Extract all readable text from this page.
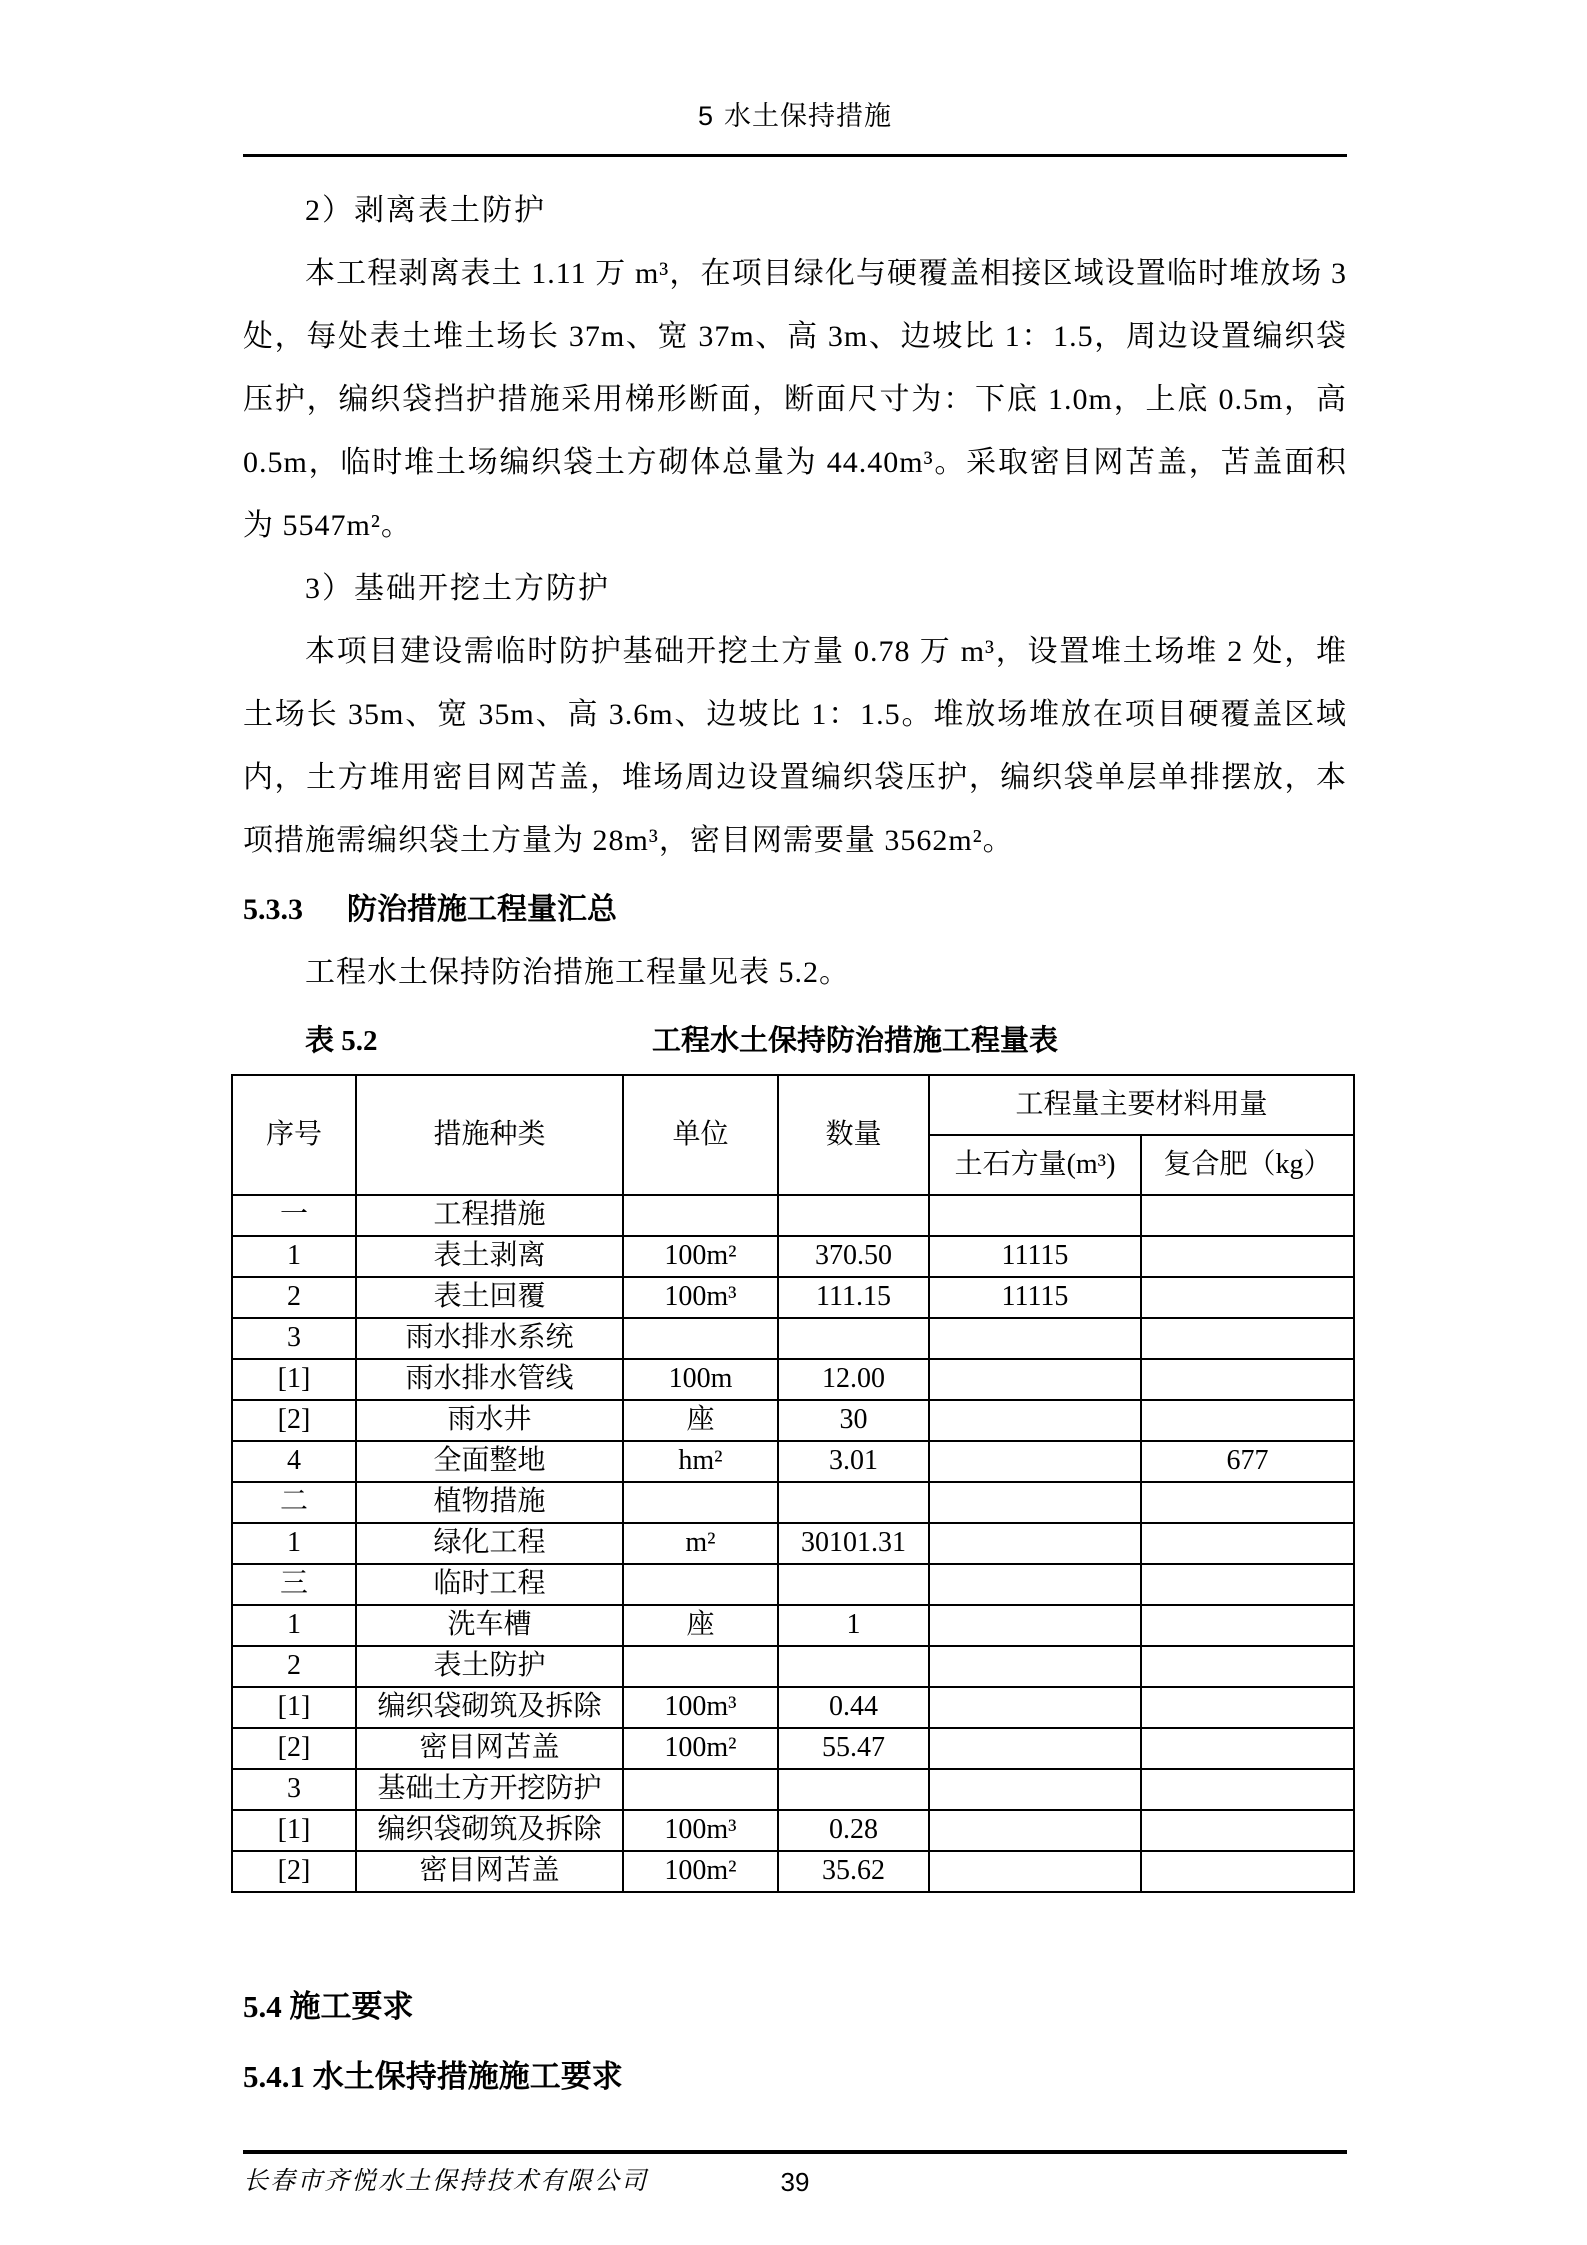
5 水土保持措施

2）剥离表土防护

本工程剥离表土 1.11 万 m³，在项目绿化与硬覆盖相接区域设置临时堆放场 3 处，每处表土堆土场长 37m、宽 37m、高 3m、边坡比 1：1.5，周边设置编织袋压护，编织袋挡护措施采用梯形断面，断面尺寸为：下底 1.0m，上底 0.5m，高 0.5m，临时堆土场编织袋土方砌体总量为 44.40m³。采取密目网苫盖，苫盖面积为 5547m²。

3）基础开挖土方防护

本项目建设需临时防护基础开挖土方量 0.78 万 m³，设置堆土场堆 2 处，堆土场长 35m、宽 35m、高 3.6m、边坡比 1：1.5。堆放场堆放在项目硬覆盖区域内，土方堆用密目网苫盖，堆场周边设置编织袋压护，编织袋单层单排摆放，本项措施需编织袋土方量为 28m³，密目网需要量 3562m²。

5.3.3 防治措施工程量汇总

工程水土保持防治措施工程量见表 5.2。

表 5.2	工程水土保持防治措施工程量表
序号	措施种类	单位	数量	工程量主要材料用量	
				土石方量(m³)	复合肥（kg）
一	工程措施				
1	表土剥离	100m²	370.50	11115	
2	表土回覆	100m³	111.15	11115	
3	雨水排水系统				
[1]	雨水排水管线	100m	12.00		
[2]	雨水井	座	30		
4	全面整地	hm²	3.01		677
二	植物措施				
1	绿化工程	m²	30101.31		
三	临时工程				
1	洗车槽	座	1		
2	表土防护				
[1]	编织袋砌筑及拆除	100m³	0.44		
[2]	密目网苫盖	100m²	55.47		
3	基础土方开挖防护				
[1]	编织袋砌筑及拆除	100m³	0.28		
[2]	密目网苫盖	100m²	35.62		
5.4 施工要求
5.4.1 水土保持措施施工要求
长春市齐悦水土保持技术有限公司	39
